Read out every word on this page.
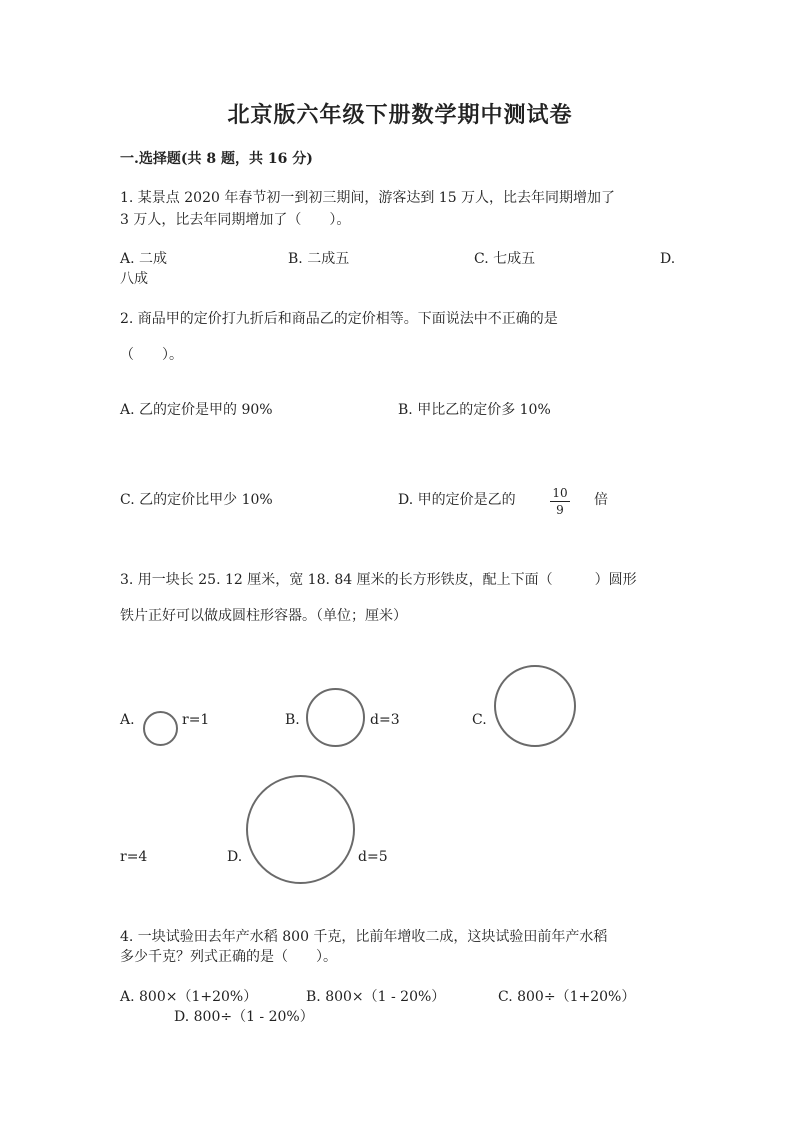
北京版六年级下册数学期中测试卷
一.选择题(共 8 题，共 16 分)
1. 某景点 2020 年春节初一到初三期间，游客达到 15 万人，比去年同期增加了
3 万人，比去年同期增加了（　　）。
A. 二成	B. 二成五	C. 七成五	D.
八成
2. 商品甲的定价打九折后和商品乙的定价相等。下面说法中不正确的是
（　　）。
A. 乙的定价是甲的 90%	B. 甲比乙的定价多 10%
C. 乙的定价比甲少 10%	D. 甲的定价是乙的	10
9
倍
3. 用一块长 25. 12 厘米，宽 18. 84 厘米的长方形铁皮，配上下面（　　　）圆形
铁片正好可以做成圆柱形容器。（单位；厘米）
A.	r=1	B.	d=3	C.
r=4	D.	d=5
4. 一块试验田去年产水稻 800 千克，比前年增收二成，这块试验田前年产水稻
多少千克？列式正确的是（　　）。
A. 800×（1+20%）	B. 800×（1 - 20%）	C. 800÷（1+20%）
D. 800÷（1 - 20%）
